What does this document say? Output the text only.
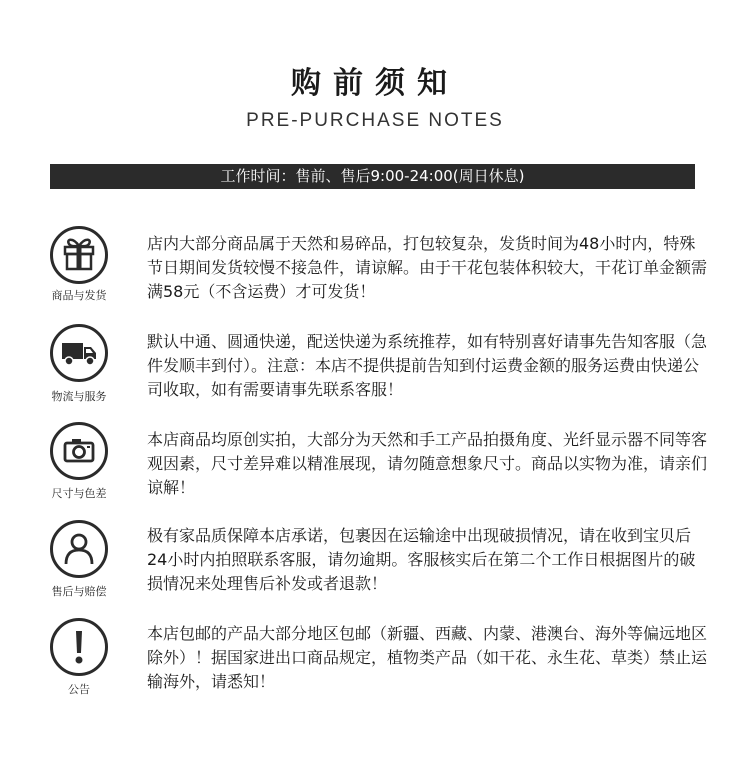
购前须知
PRE-PURCHASE NOTES
工作时间：售前、售后9:00-24:00(周日休息)
商品与发货
店内大部分商品属于天然和易碎品，打包较复杂，发货时间为48小时内，特殊节日期间发货较慢不接急件，请谅解。由于干花包装体积较大，干花订单金额需满58元（不含运费）才可发货！
物流与服务
默认中通、圆通快递，配送快递为系统推荐，如有特别喜好请事先告知客服（急件发顺丰到付）。注意：本店不提供提前告知到付运费金额的服务运费由快递公司收取，如有需要请事先联系客服！
尺寸与色差
本店商品均原创实拍，大部分为天然和手工产品拍摄角度、光纤显示器不同等客观因素，尺寸差异难以精准展现，请勿随意想象尺寸。商品以实物为准，请亲们谅解！
售后与赔偿
极有家品质保障本店承诺，包裹因在运输途中出现破损情况，请在收到宝贝后24小时内拍照联系客服，请勿逾期。客服核实后在第二个工作日根据图片的破损情况来处理售后补发或者退款！
公告
本店包邮的产品大部分地区包邮（新疆、西藏、内蒙、港澳台、海外等偏远地区除外）！据国家进出口商品规定，植物类产品（如干花、永生花、草类）禁止运输海外，请悉知！
